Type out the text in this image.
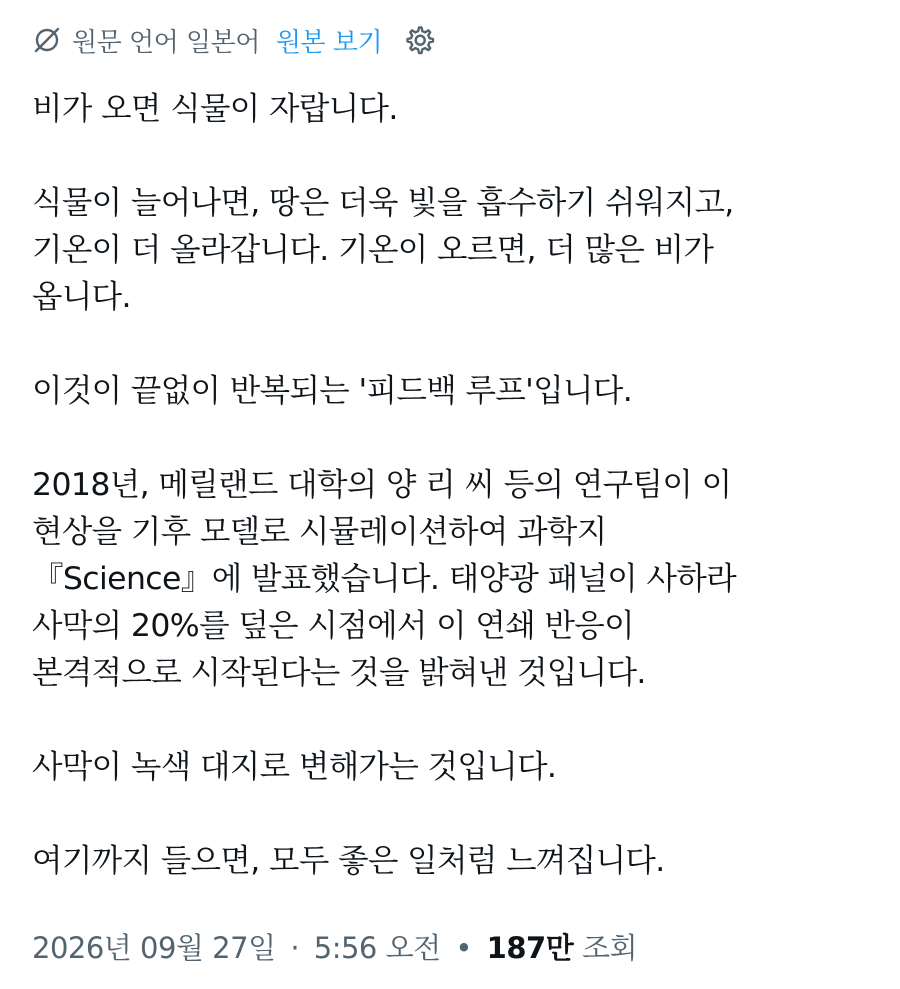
원문 언어 일본어 원본 보기

비가 오면 식물이 자랍니다.

식물이 늘어나면, 땅은 더욱 빛을 흡수하기 쉬워지고,

기온이 더 올라갑니다. 기온이 오르면, 더 많은 비가

옵니다.

이것이 끝없이 반복되는 '피드백 루프'입니다.

2018년, 메릴랜드 대학의 양 리 씨 등의 연구팀이 이

현상을 기후 모델로 시뮬레이션하여 과학지

『Science』에 발표했습니다. 태양광 패널이 사하라

사막의 20%를 덮은 시점에서 이 연쇄 반응이

본격적으로 시작된다는 것을 밝혀낸 것입니다.

사막이 녹색 대지로 변해가는 것입니다.

여기까지 들으면, 모두 좋은 일처럼 느껴집니다.

2026년 09월 27일 · 5:56 오전 • 187만 조회
